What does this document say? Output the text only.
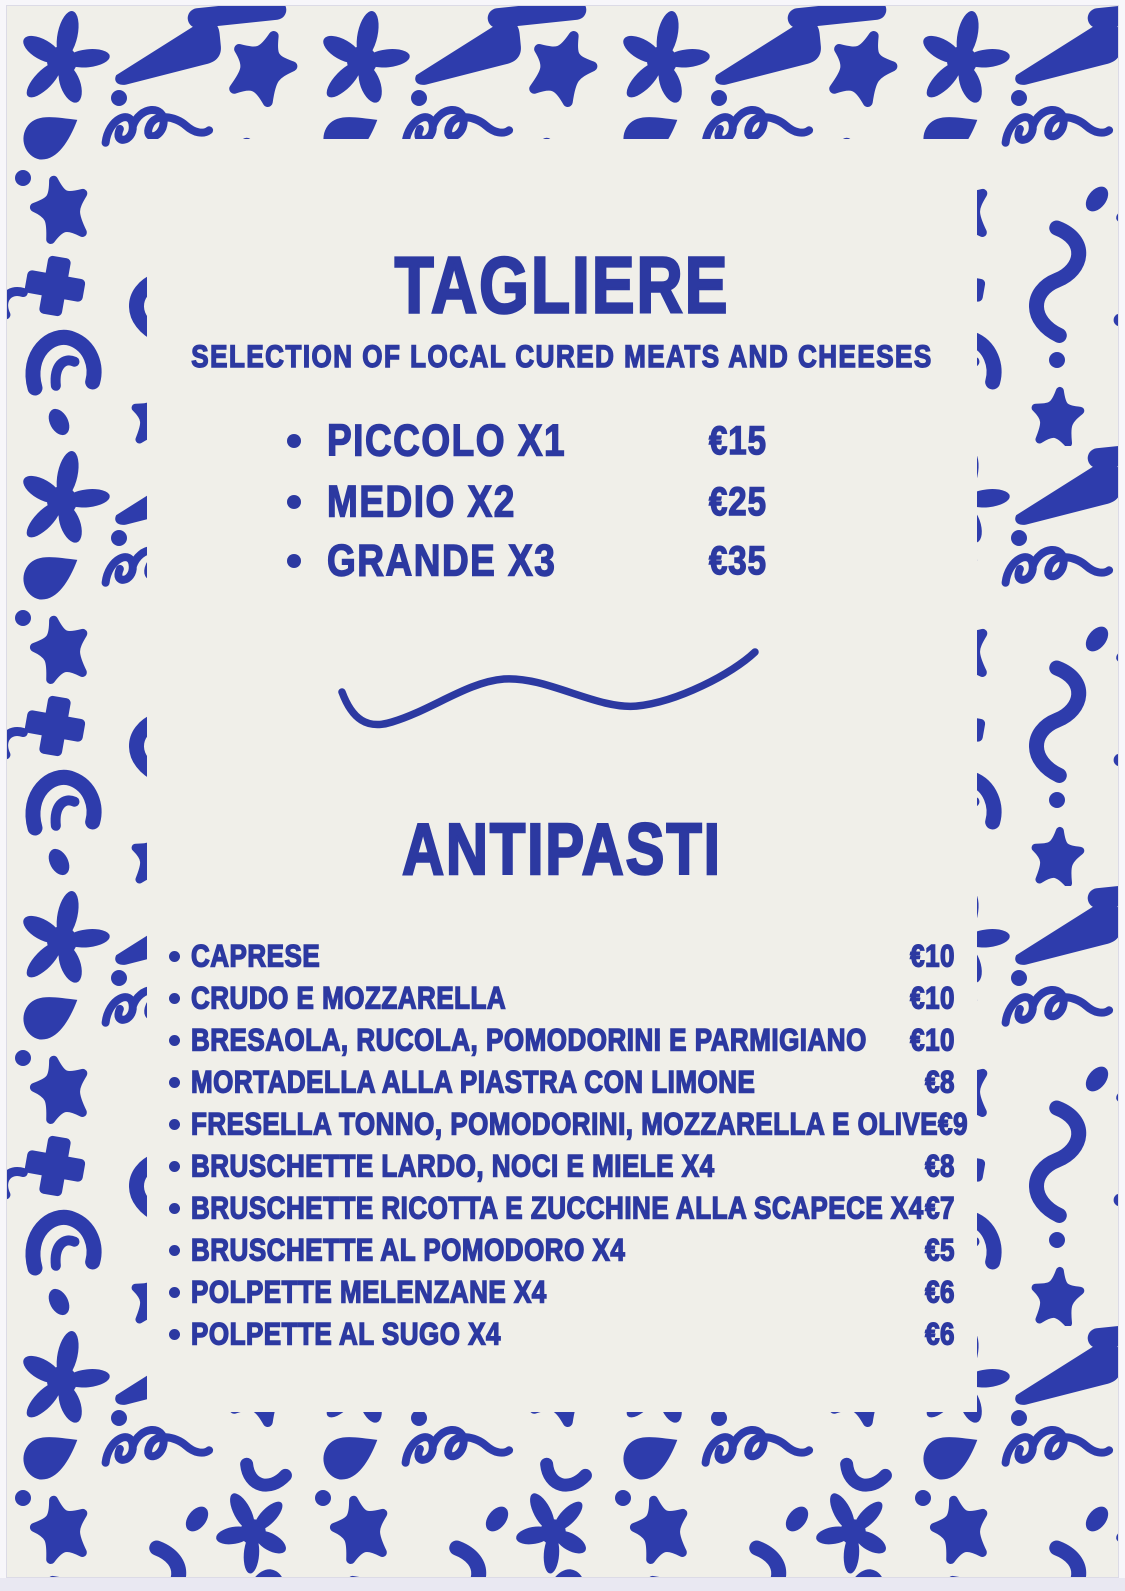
TAGLIERE
SELECTION OF LOCAL CURED MEATS AND CHEESES
PICCOLO X1	€15
MEDIO X2	€25
GRANDE X3	€35
ANTIPASTI
CAPRESE	€10
CRUDO E MOZZARELLA	€10
BRESAOLA, RUCOLA, POMODORINI E PARMIGIANO €10
MORTADELLA ALLA PIASTRA CON LIMONE	€8
FRESELLA TONNO, POMODORINI, MOZZARELLA E OLIVE €9
BRUSCHETTE LARDO, NOCI E MIELE X4	€8
BRUSCHETTE RICOTTA E ZUCCHINE ALLA SCAPECE X4 €7
BRUSCHETTE AL POMODORO X4	€5
POLPETTE MELENZANE X4	€6
POLPETTE AL SUGO X4	€6
